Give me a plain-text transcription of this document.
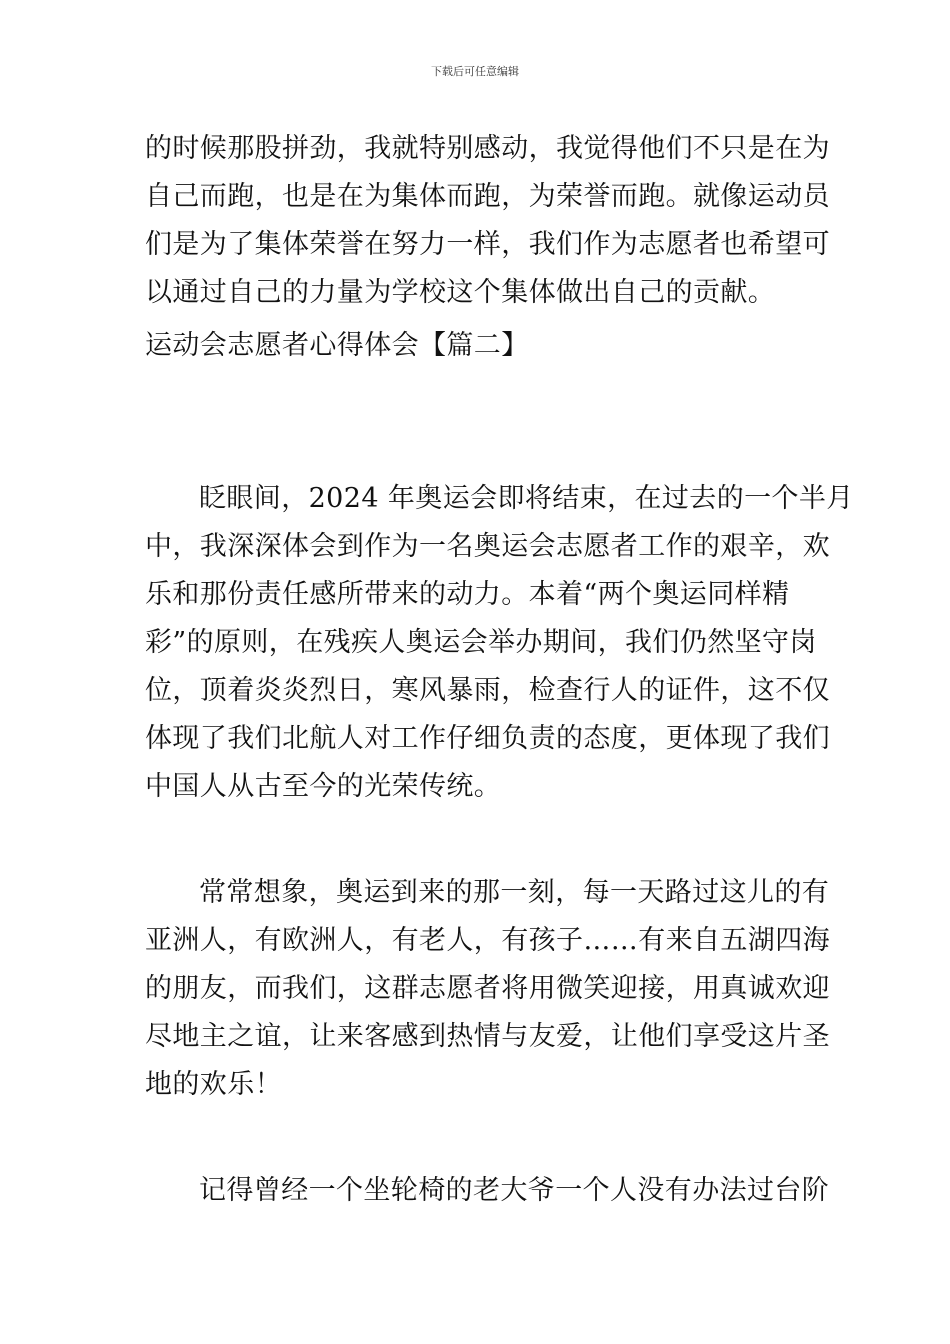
下载后可任意编辑
的时候那股拼劲，我就特别感动，我觉得他们不只是在为
自己而跑，也是在为集体而跑，为荣誉而跑。就像运动员
们是为了集体荣誉在努力一样，我们作为志愿者也希望可
以通过自己的力量为学校这个集体做出自己的贡献。
运动会志愿者心得体会【篇二】
眨眼间，2024 年奥运会即将结束，在过去的一个半月
中，我深深体会到作为一名奥运会志愿者工作的艰辛，欢
乐和那份责任感所带来的动力。本着“两个奥运同样精
彩”的原则，在残疾人奥运会举办期间，我们仍然坚守岗
位，顶着炎炎烈日，寒风暴雨，检查行人的证件，这不仅
体现了我们北航人对工作仔细负责的态度，更体现了我们
中国人从古至今的光荣传统。
常常想象，奥运到来的那一刻，每一天路过这儿的有
亚洲人，有欧洲人，有老人，有孩子……有来自五湖四海
的朋友，而我们，这群志愿者将用微笑迎接，用真诚欢迎
尽地主之谊，让来客感到热情与友爱，让他们享受这片圣
地的欢乐！
记得曾经一个坐轮椅的老大爷一个人没有办法过台阶
